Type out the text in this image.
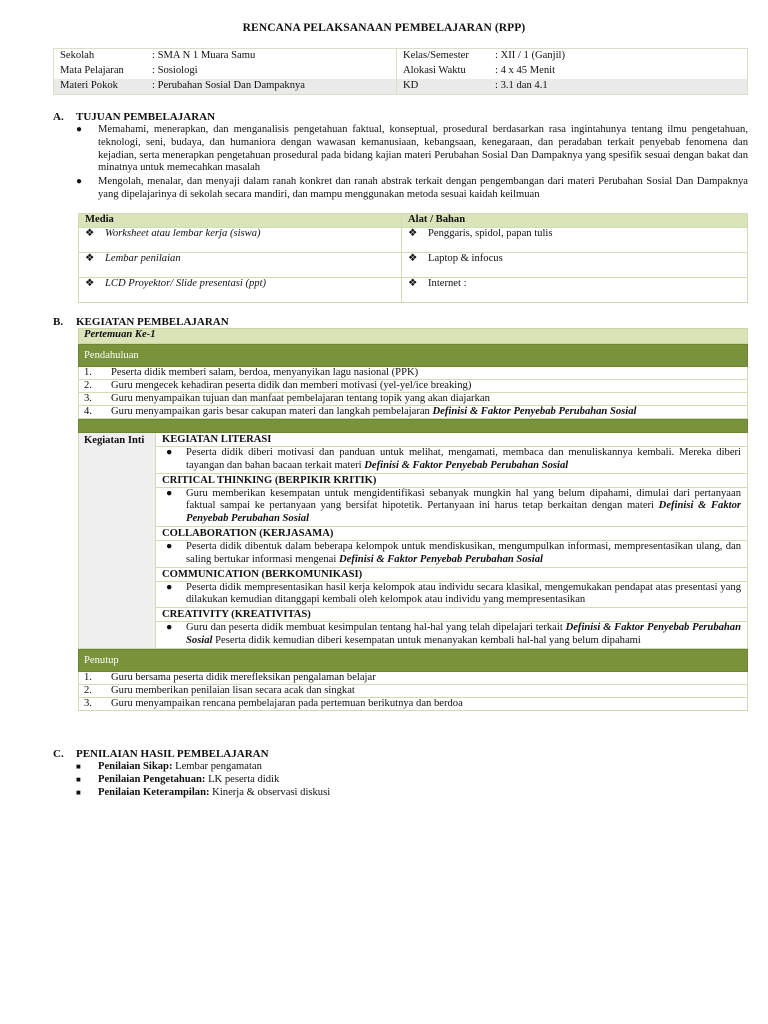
RENCANA PELAKSANAAN PEMBELAJARAN (RPP)
Sekolah	: SMA N 1 Muara Samu	Kelas/Semester	: XII / 1 (Ganjil)
Mata Pelajaran	: Sosiologi	Alokasi Waktu	: 4 x 45 Menit
Materi Pokok	: Perubahan Sosial Dan Dampaknya	KD	: 3.1 dan 4.1
A. TUJUAN PEMBELAJARAN
● Memahami, menerapkan, dan menganalisis pengetahuan faktual, konseptual, prosedural berdasarkan rasa ingintahunya tentang ilmu pengetahuan, teknologi, seni, budaya, dan humaniora dengan wawasan kemanusiaan, kebangsaan, kenegaraan, dan peradaban terkait penyebab fenomena dan kejadian, serta menerapkan pengetahuan prosedural pada bidang kajian materi Perubahan Sosial Dan Dampaknya yang spesifik sesuai dengan bakat dan minatnya untuk memecahkan masalah
● Mengolah, menalar, dan menyaji dalam ranah konkret dan ranah abstrak terkait dengan pengembangan dari materi Perubahan Sosial Dan Dampaknya yang dipelajarinya di sekolah secara mandiri, dan mampu menggunakan metoda sesuai kaidah keilmuan
Media	Alat / Bahan
❖ Worksheet atau lembar kerja (siswa)	❖ Penggaris, spidol, papan tulis
❖ Lembar penilaian	❖ Laptop & infocus
❖ LCD Proyektor/ Slide presentasi (ppt)	❖ Internet :
B. KEGIATAN PEMBELAJARAN
Pertemuan Ke-1
Pendahuluan
1. Peserta didik memberi salam, berdoa, menyanyikan lagu nasional (PPK)
2. Guru mengecek kehadiran peserta didik dan memberi motivasi (yel-yel/ice breaking)
3. Guru menyampaikan tujuan dan manfaat pembelajaran tentang topik yang akan diajarkan
4. Guru menyampaikan garis besar cakupan materi dan langkah pembelajaran Definisi & Faktor Penyebab Perubahan Sosial
Kegiatan Inti	KEGIATAN LITERASI
● Peserta didik diberi motivasi dan panduan untuk melihat, mengamati, membaca dan menuliskannya kembali. Mereka diberi tayangan dan bahan bacaan terkait materi Definisi & Faktor Penyebab Perubahan Sosial
CRITICAL THINKING (BERPIKIR KRITIK)
● Guru memberikan kesempatan untuk mengidentifikasi sebanyak mungkin hal yang belum dipahami, dimulai dari pertanyaan faktual sampai ke pertanyaan yang bersifat hipotetik. Pertanyaan ini harus tetap berkaitan dengan materi Definisi & Faktor Penyebab Perubahan Sosial
COLLABORATION (KERJASAMA)
● Peserta didik dibentuk dalam beberapa kelompok untuk mendiskusikan, mengumpulkan informasi, mempresentasikan ulang, dan saling bertukar informasi mengenai Definisi & Faktor Penyebab Perubahan Sosial
COMMUNICATION (BERKOMUNIKASI)
● Peserta didik mempresentasikan hasil kerja kelompok atau individu secara klasikal, mengemukakan pendapat atas presentasi yang dilakukan kemudian ditanggapi kembali oleh kelompok atau individu yang mempresentasikan
CREATIVITY (KREATIVITAS)
● Guru dan peserta didik membuat kesimpulan tentang hal-hal yang telah dipelajari terkait Definisi & Faktor Penyebab Perubahan Sosial Peserta didik kemudian diberi kesempatan untuk menanyakan kembali hal-hal yang belum dipahami
Penutup
1. Guru bersama peserta didik merefleksikan pengalaman belajar
2. Guru memberikan penilaian lisan secara acak dan singkat
3. Guru menyampaikan rencana pembelajaran pada pertemuan berikutnya dan berdoa
C. PENILAIAN HASIL PEMBELAJARAN
■ Penilaian Sikap: Lembar pengamatan
■ Penilaian Pengetahuan: LK peserta didik
■ Penilaian Keterampilan: Kinerja & observasi diskusi
